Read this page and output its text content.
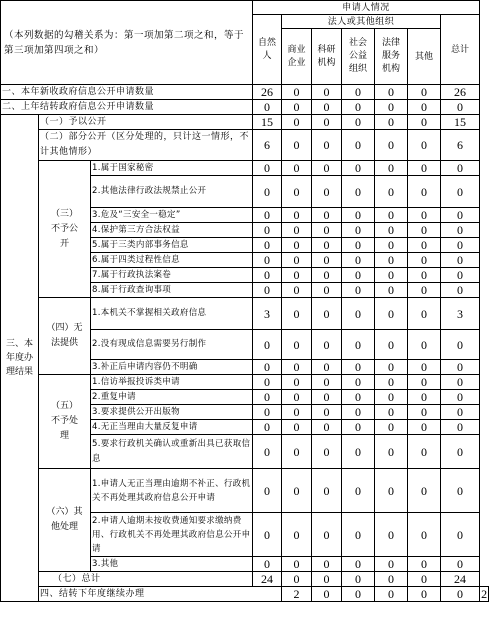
（本列数据的勾稽关系为：第一项加第二项之和，等于第三项加第四项之和）			申请人情况							
			自然人	法人或其他组织					总计	
				商业企业	科研机构	社会公益组织	法律服务机构	其他		
一、本年新收政府信息公开申请数量			26	0	0	0	0	0	26	
二、上年结转政府信息公开申请数量			0	0	0	0	0	0	0	
三、本年度办理结果	（一）予以公开		15	0	0	0	0	0	15	
	（二）部分公开（区分处理的，只计这一情形，不计其他情形）		6	0	0	0	0	0	6	
	（三）不予公开	1.属于国家秘密	0	0	0	0	0	0	0	
		2.其他法律行政法规禁止公开	0	0	0	0	0	0	0	
		3.危及“三安全一稳定”	0	0	0	0	0	0	0	
		4.保护第三方合法权益	0	0	0	0	0	0	0	
		5.属于三类内部事务信息	0	0	0	0	0	0	0	
		6.属于四类过程性信息	0	0	0	0	0	0	0	
		7.属于行政执法案卷	0	0	0	0	0	0	0	
		8.属于行政查询事项	0	0	0	0	0	0	0	
	（四）无法提供	1.本机关不掌握相关政府信息	3	0	0	0	0	0	3	
		2.没有现成信息需要另行制作	0	0	0	0	0	0	0	
		3.补正后申请内容仍不明确	0	0	0	0	0	0	0	
	（五）不予处理	1.信访举报投诉类申请	0	0	0	0	0	0	0	
		2.重复申请	0	0	0	0	0	0	0	
		3.要求提供公开出版物	0	0	0	0	0	0	0	
		4.无正当理由大量反复申请	0	0	0	0	0	0	0	
		5.要求行政机关确认或重新出具已获取信息	0	0	0	0	0	0	0	
	（六）其他处理	1.申请人无正当理由逾期不补正、行政机关不再处理其政府信息公开申请	0	0	0	0	0	0	0	
		2.申请人逾期未按收费通知要求缴纳费用、行政机关不再处理其政府信息公开申请	0	0	0	0	0	0	0	
		3.其他	0	0	0	0	0	0	0	
	（七）总计		24	0	0	0	0	0	24	
	四、结转下年度继续办理			2	0	0	0	0	0	2
